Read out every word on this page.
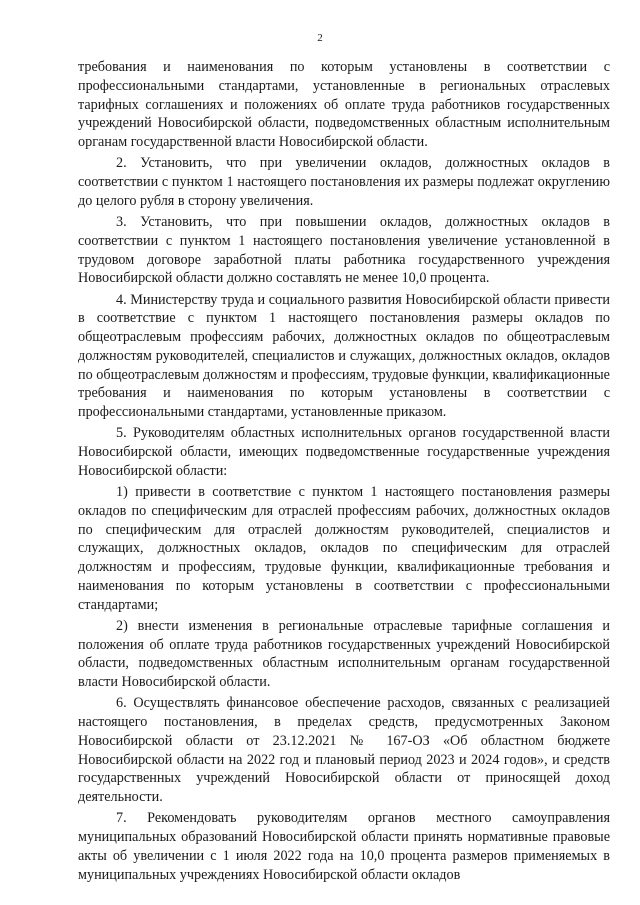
2

требования и наименования по которым установлены в соответствии с профессиональными стандартами, установленные в региональных отраслевых тарифных соглашениях и положениях об оплате труда работников государственных учреждений Новосибирской области, подведомственных областным исполнительным органам государственной власти Новосибирской области.

2. Установить, что при увеличении окладов, должностных окладов в соответствии с пунктом 1 настоящего постановления их размеры подлежат округлению до целого рубля в сторону увеличения.

3. Установить, что при повышении окладов, должностных окладов в соответствии с пунктом 1 настоящего постановления увеличение установленной в трудовом договоре заработной платы работника государственного учреждения Новосибирской области должно составлять не менее 10,0 процента.

4. Министерству труда и социального развития Новосибирской области привести в соответствие с пунктом 1 настоящего постановления размеры окладов по общеотраслевым профессиям рабочих, должностных окладов по общеотраслевым должностям руководителей, специалистов и служащих, должностных окладов, окладов по общеотраслевым должностям и профессиям, трудовые функции, квалификационные требования и наименования по которым установлены в соответствии с профессиональными стандартами, установленные приказом.

5. Руководителям областных исполнительных органов государственной власти Новосибирской области, имеющих подведомственные государственные учреждения Новосибирской области:

1) привести в соответствие с пунктом 1 настоящего постановления размеры окладов по специфическим для отраслей профессиям рабочих, должностных окладов по специфическим для отраслей должностям руководителей, специалистов и служащих, должностных окладов, окладов по специфическим для отраслей должностям и профессиям, трудовые функции, квалификационные требования и наименования по которым установлены в соответствии с профессиональными стандартами;

2) внести изменения в региональные отраслевые тарифные соглашения и положения об оплате труда работников государственных учреждений Новосибирской области, подведомственных областным исполнительным органам государственной власти Новосибирской области.

6. Осуществлять финансовое обеспечение расходов, связанных с реализацией настоящего постановления, в пределах средств, предусмотренных Законом Новосибирской области от 23.12.2021 № 167-ОЗ «Об областном бюджете Новосибирской области на 2022 год и плановый период 2023 и 2024 годов», и средств государственных учреждений Новосибирской области от приносящей доход деятельности.

7. Рекомендовать руководителям органов местного самоуправления муниципальных образований Новосибирской области принять нормативные правовые акты об увеличении с 1 июля 2022 года на 10,0 процента размеров применяемых в муниципальных учреждениях Новосибирской области окладов
